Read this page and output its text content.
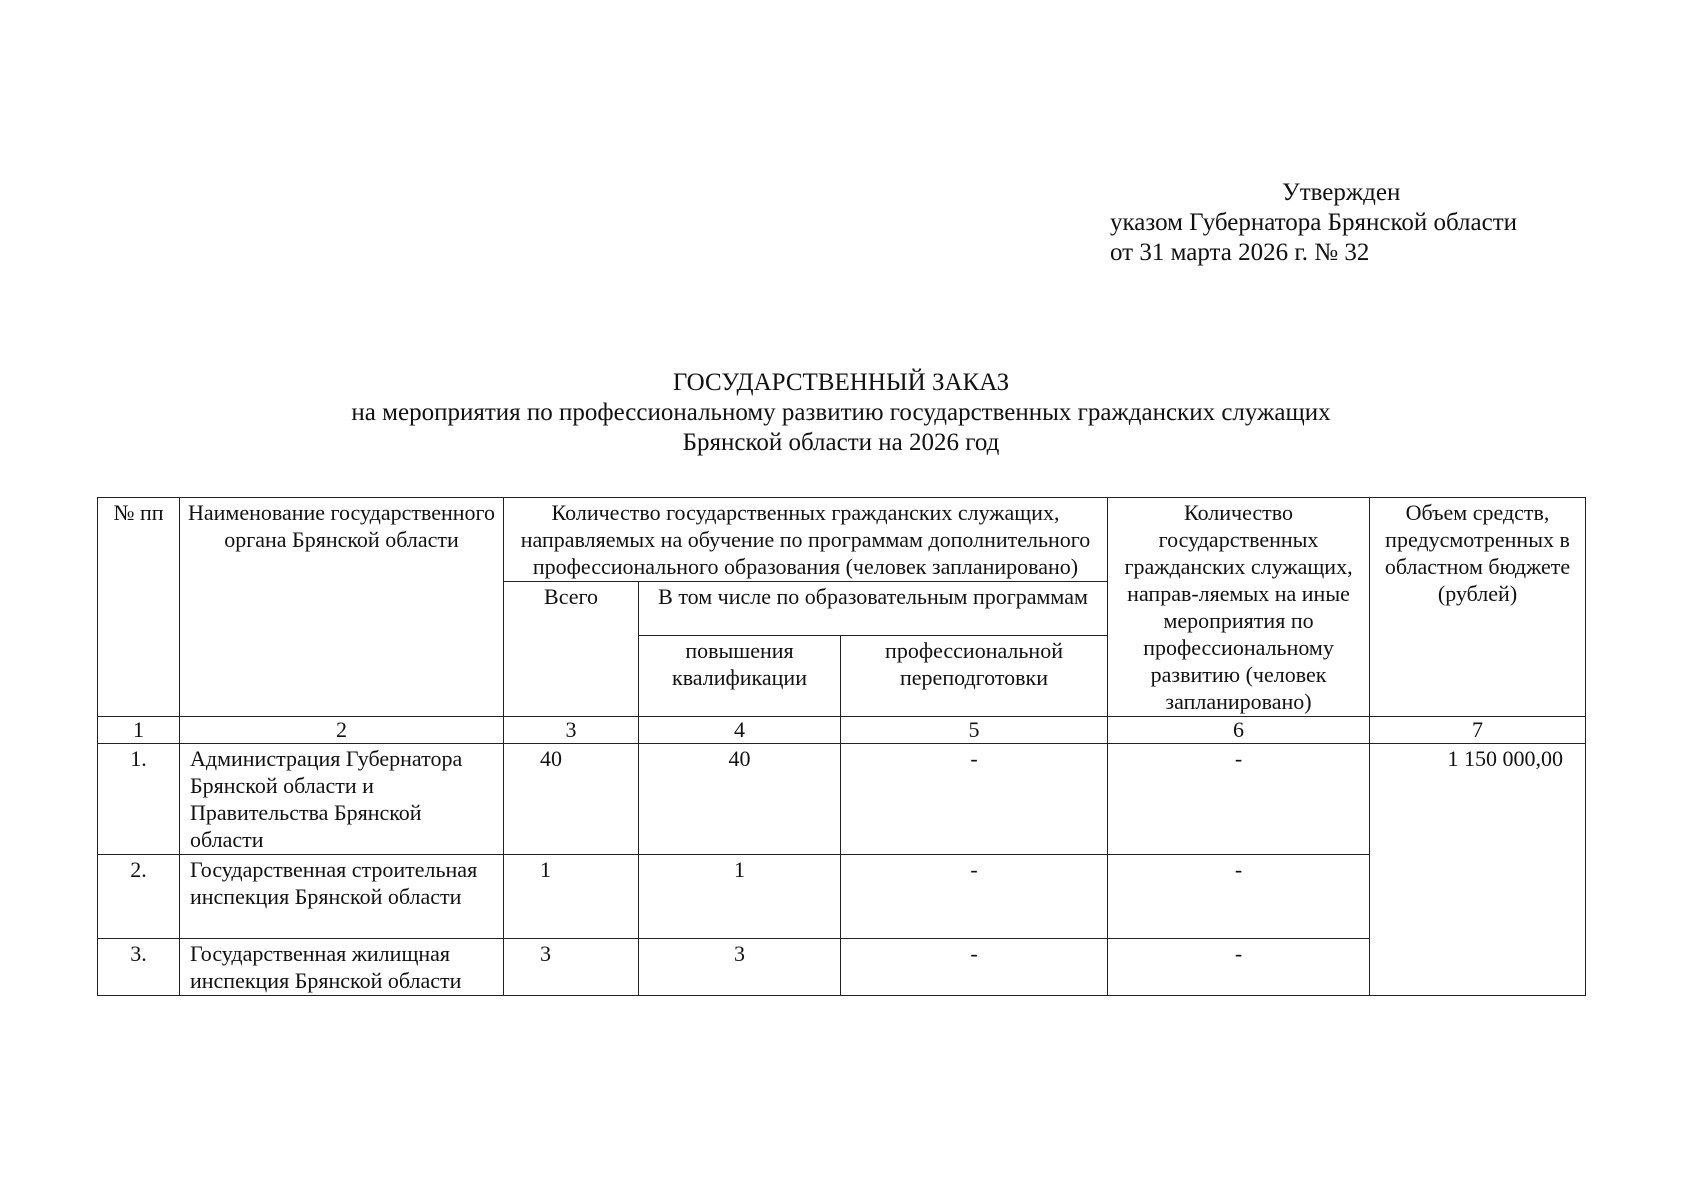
Утвержден
указом Губернатора Брянской области
от 31 марта 2026 г. № 32
ГОСУДАРСТВЕННЫЙ ЗАКАЗ
на мероприятия по профессиональному развитию государственных гражданских служащих
Брянской области на 2026 год
№ пп	Наименование государственного органа Брянской области	Количество государственных гражданских служащих, направляемых на обучение по программам дополнительного профессионального образования (человек запланировано)			Количество государственных гражданских служащих, направ-ляемых на иные мероприятия по профессиональному развитию (человек запланировано)	Объем средств, предусмотренных в областном бюджете (рублей)
		Всего	В том числе по образовательным программам			
			повышения квалификации	профессиональной переподготовки		
1	2	3	4	5	6	7
1.	Администрация Губернатора Брянской области и Правительства Брянской области	40	40	-	-	1 150 000,00
2.	Государственная строительная инспекция Брянской области	1	1	-	-	
3.	Государственная жилищная инспекция Брянской области	3	3	-	-	
